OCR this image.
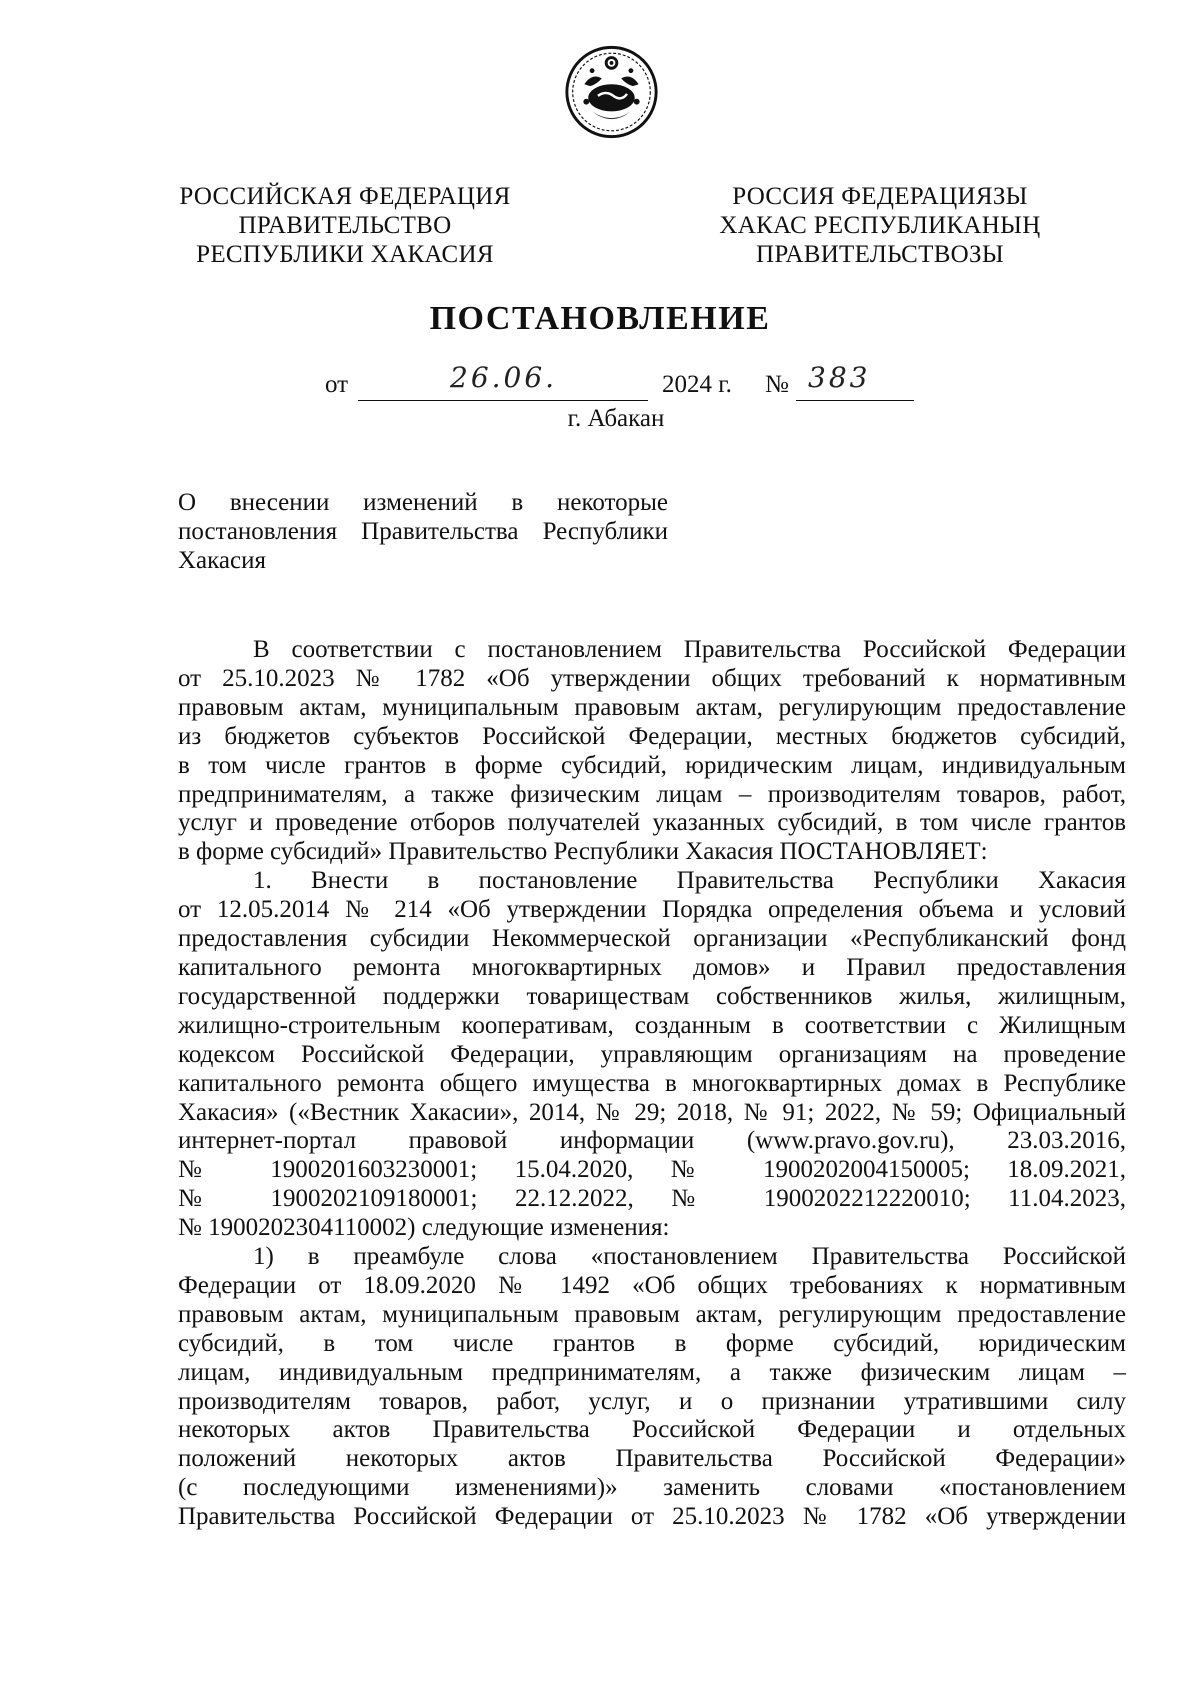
РОССИЙСКАЯ ФЕДЕРАЦИЯ
ПРАВИТЕЛЬСТВО
РЕСПУБЛИКИ ХАКАСИЯ
РОССИЯ ФЕДЕРАЦИЯЗЫ
ХАКАС РЕСПУБЛИКАНЫҢ
ПРАВИТЕЛЬСТВОЗЫ
ПОСТАНОВЛЕНИЕ
от	26.06.	2024 г. № 383
г. Абакан
О внесении изменений в некоторые
постановления Правительства Республики
Хакасия
В соответствии с постановлением Правительства Российской Федерации
от 25.10.2023 № 1782 «Об утверждении общих требований к нормативным
правовым актам, муниципальным правовым актам, регулирующим предоставление
из бюджетов субъектов Российской Федерации, местных бюджетов субсидий,
в том числе грантов в форме субсидий, юридическим лицам, индивидуальным
предпринимателям, а также физическим лицам – производителям товаров, работ,
услуг и проведение отборов получателей указанных субсидий, в том числе грантов
в форме субсидий» Правительство Республики Хакасия ПОСТАНОВЛЯЕТ:
1. Внести в постановление Правительства Республики Хакасия
от 12.05.2014 № 214 «Об утверждении Порядка определения объема и условий
предоставления субсидии Некоммерческой организации «Республиканский фонд
капитального ремонта многоквартирных домов» и Правил предоставления
государственной поддержки товариществам собственников жилья, жилищным,
жилищно-строительным кооперативам, созданным в соответствии с Жилищным
кодексом Российской Федерации, управляющим организациям на проведение
капитального ремонта общего имущества в многоквартирных домах в Республике
Хакасия» («Вестник Хакасии», 2014, № 29; 2018, № 91; 2022, № 59; Официальный
интернет-портал правовой информации (www.pravo.gov.ru), 23.03.2016,
№ 1900201603230001; 15.04.2020, № 1900202004150005; 18.09.2021,
№ 1900202109180001; 22.12.2022, № 1900202212220010; 11.04.2023,
№ 1900202304110002) следующие изменения:
1) в преамбуле слова «постановлением Правительства Российской
Федерации от 18.09.2020 № 1492 «Об общих требованиях к нормативным
правовым актам, муниципальным правовым актам, регулирующим предоставление
субсидий, в том числе грантов в форме субсидий, юридическим
лицам, индивидуальным предпринимателям, а также физическим лицам –
производителям товаров, работ, услуг, и о признании утратившими силу
некоторых актов Правительства Российской Федерации и отдельных
положений некоторых актов Правительства Российской Федерации»
(с последующими изменениями)» заменить словами «постановлением
Правительства Российской Федерации от 25.10.2023 № 1782 «Об утверждении
